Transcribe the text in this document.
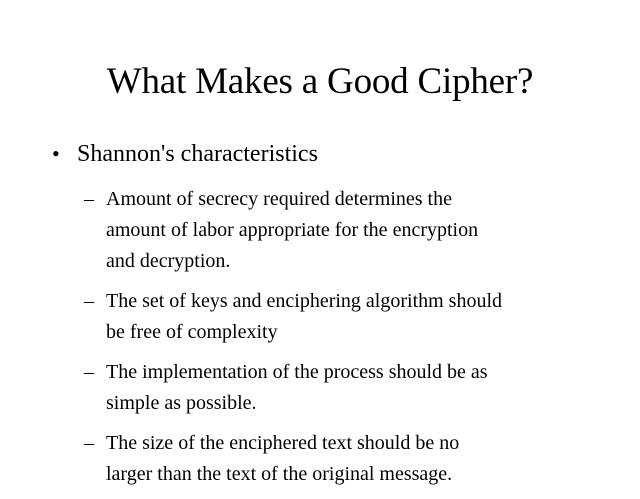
What Makes a Good Cipher?
• Shannon's characteristics
– Amount of secrecy required determines the
amount of labor appropriate for the encryption
and decryption.
– The set of keys and enciphering algorithm should
be free of complexity
– The implementation of the process should be as
simple as possible.
– The size of the enciphered text should be no
larger than the text of the original message.
